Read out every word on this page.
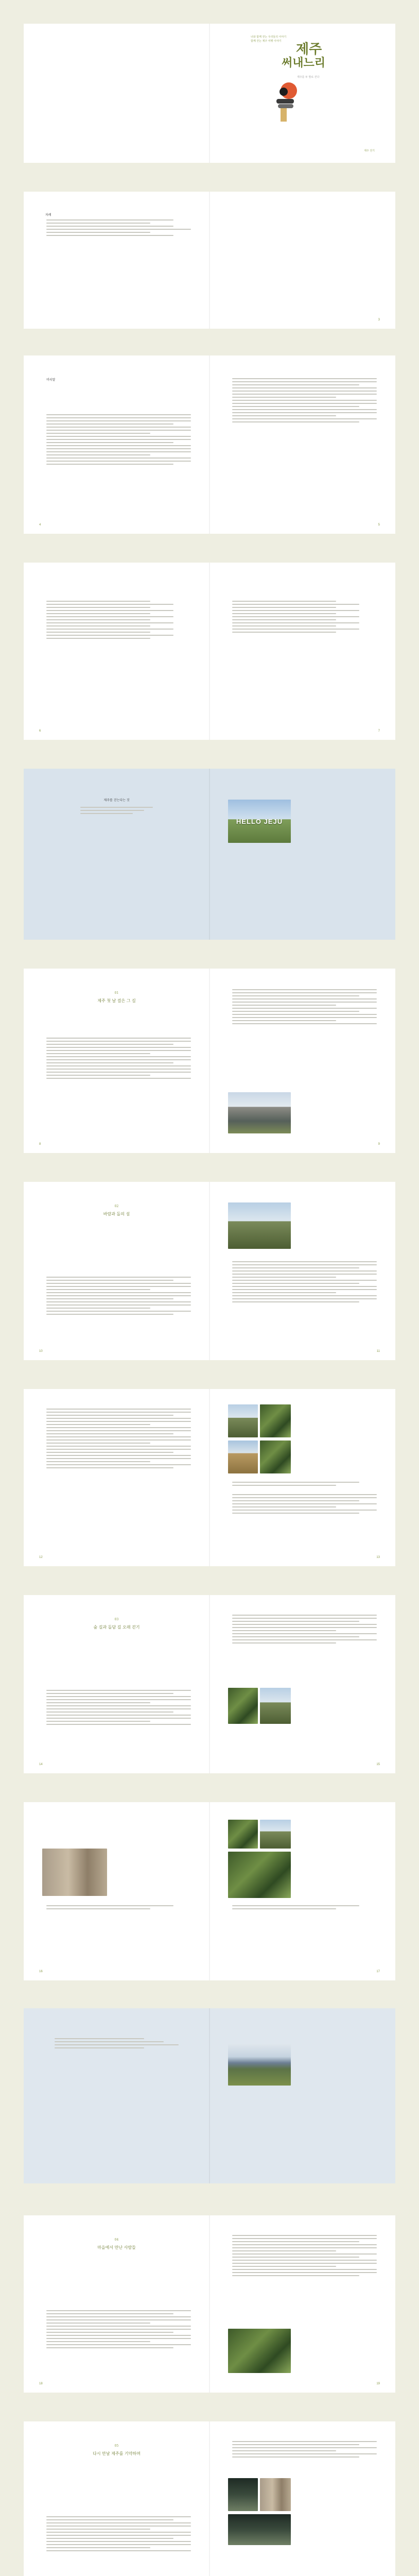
너와 함께 걷는 우리들의 이야기
함께 걷는 제주 여행 이야기
제주
써내느리
제주를 두 발로 걷다
제주 걷기
차례
3
머리말
4	5
6	7
제주를 걷는다는 것
HELLO JEJU
01
제주 첫 날 걸은 그 길
8	9
02
바람과 돌의 섬
10	11
12	13
03
숲 길과 돌담 길 오래 걷기
14	15
16	17
04
마을에서 만난 사람들
18	19
05
다시 만날 제주를 기약하며
